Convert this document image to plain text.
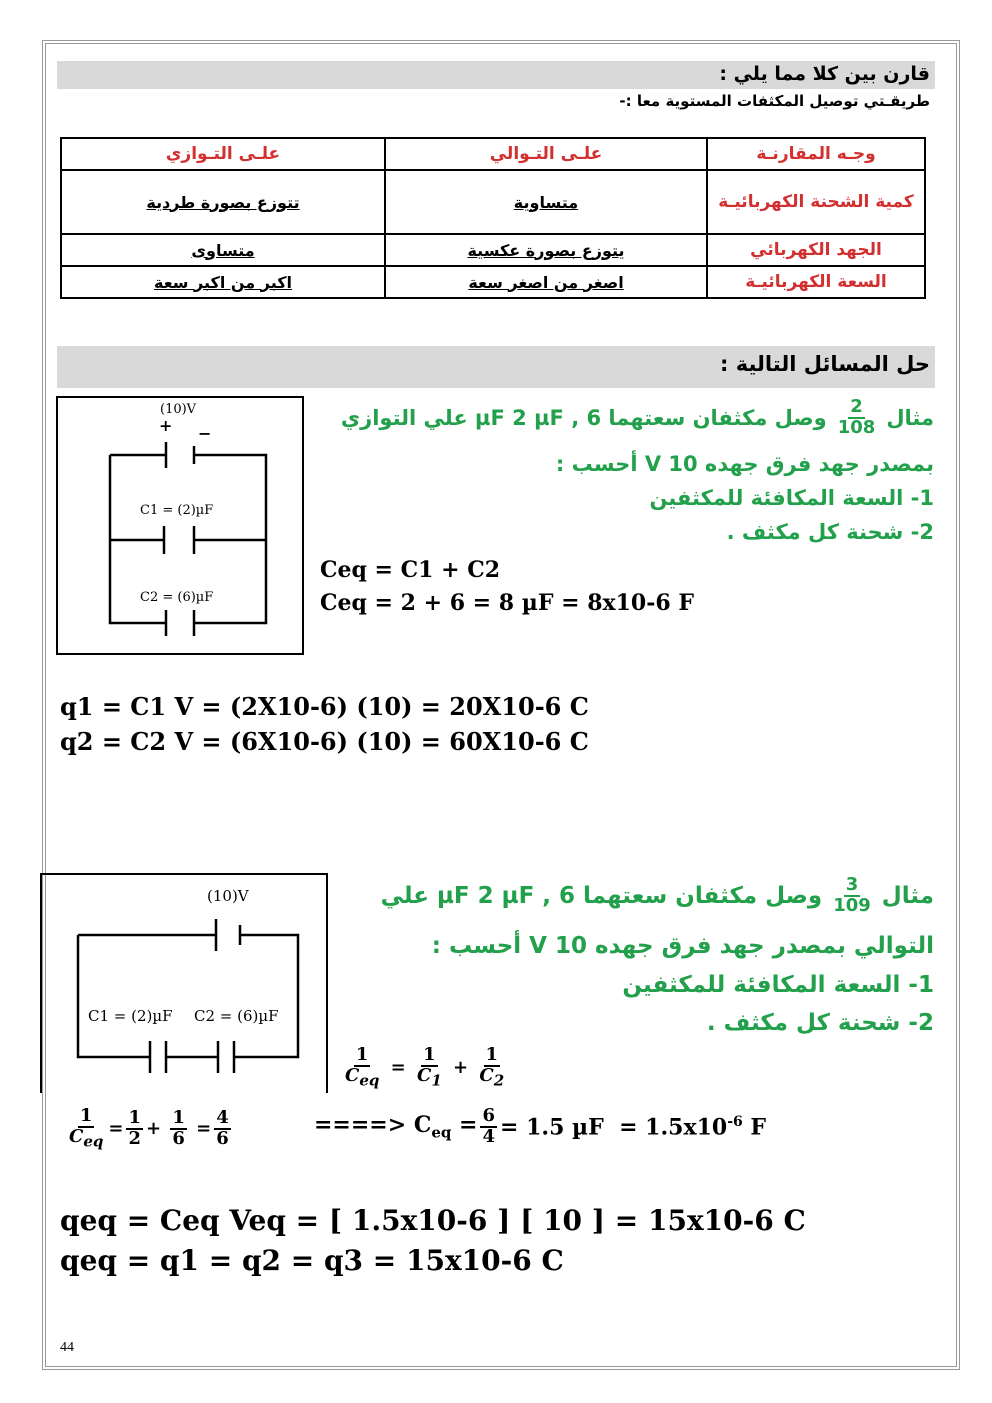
قارن بين كلا مما يلي :
طريقـتي توصيل المكثفات المستوية معا :-
وجـه المقارنـة	علـى التـوالي	علـى التـوازي
كمية الشحنة الكهربائيـة	متساوية	تتوزع بصورة طردية
الجهد الكهربائي	يتوزع بصورة عكسية	متساوى
السعة الكهربائيـة	اصغر من اصغر سعة	اكبر من اكبر سعة
حل المسائل التالية :
(10)V
+ −
C1 = (2)µF
C2 = (6)µF
مثال
$\frac{2}{108}$
وصل مكثفان سعتهما µF 2 µF , 6 علي التوازي
بمصدر جهد فرق جهده V 10 أحسب :
1- السعة المكافئة للمكثفين
2- شحنة كل مكثف .
Ceq = C1 + C2
Ceq = 2 + 6 = 8 µF = 8x10-6 F
q1 = C1 V = (2X10-6) (10) = 20X10-6 C
q2 = C2 V = (6X10-6) (10) = 60X10-6 C
(10)V
C1 = (2)µF C2 = (6)µF
مثال
$\frac{3}{109}$
وصل مكثفان سعتهما µF 2 µF , 6 علي
التوالي بمصدر جهد فرق جهده V 10 أحسب :
1- السعة المكافئة للمكثفين
2- شحنة كل مكثف .
$\frac{1}{C_{eq}} = \frac{1}{C_1} + \frac{1}{C_2}$
$\frac{1}{C_{eq}} = \frac{1}{2} + \frac{1}{6} = \frac{4}{6}$	====> $C_{eq} = \frac{6}{4} = 1.5$ $\mu F = 1.5x10^{-6}$ F
qeq = Ceq Veq = [ 1.5x10-6 ] [ 10 ] = 15x10-6 C
qeq = q1 = q2 = q3 = 15x10-6 C
44
